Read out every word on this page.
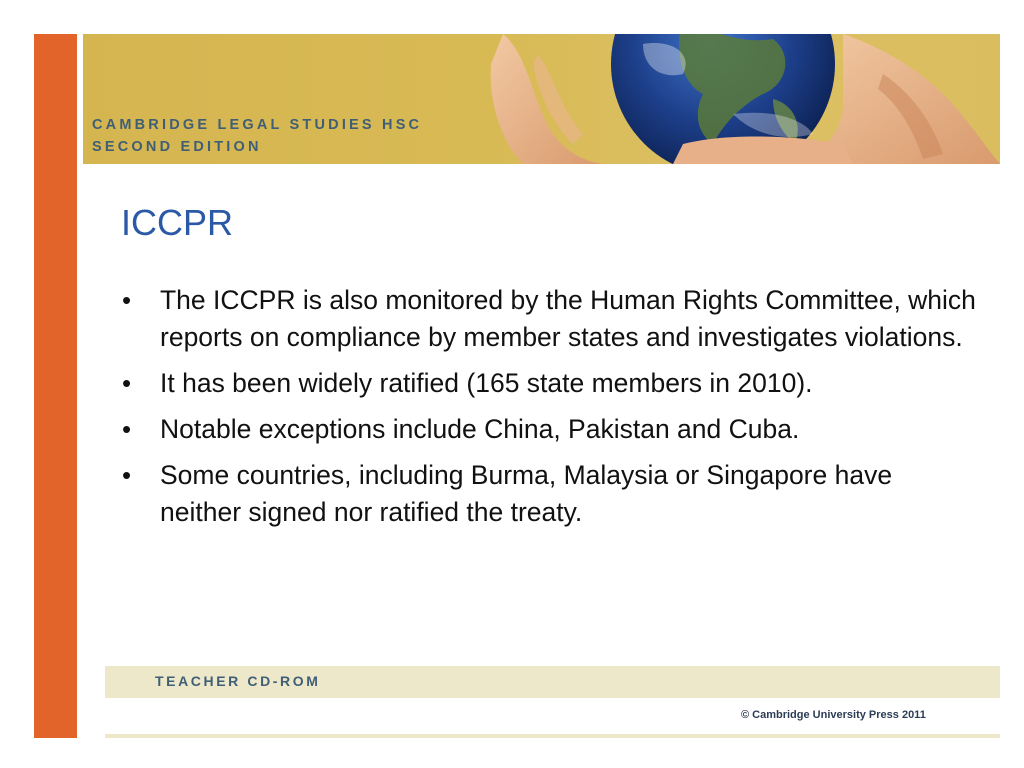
CAMBRIDGE LEGAL STUDIES HSC
SECOND EDITION
ICCPR
• The ICCPR is also monitored by the Human Rights Committee, which reports on compliance by member states and investigates violations.
• It has been widely ratified (165 state members in 2010).
• Notable exceptions include China, Pakistan and Cuba.
• Some countries, including Burma, Malaysia or Singapore have neither signed nor ratified the treaty.
TEACHER CD-ROM
© Cambridge University Press 2011
